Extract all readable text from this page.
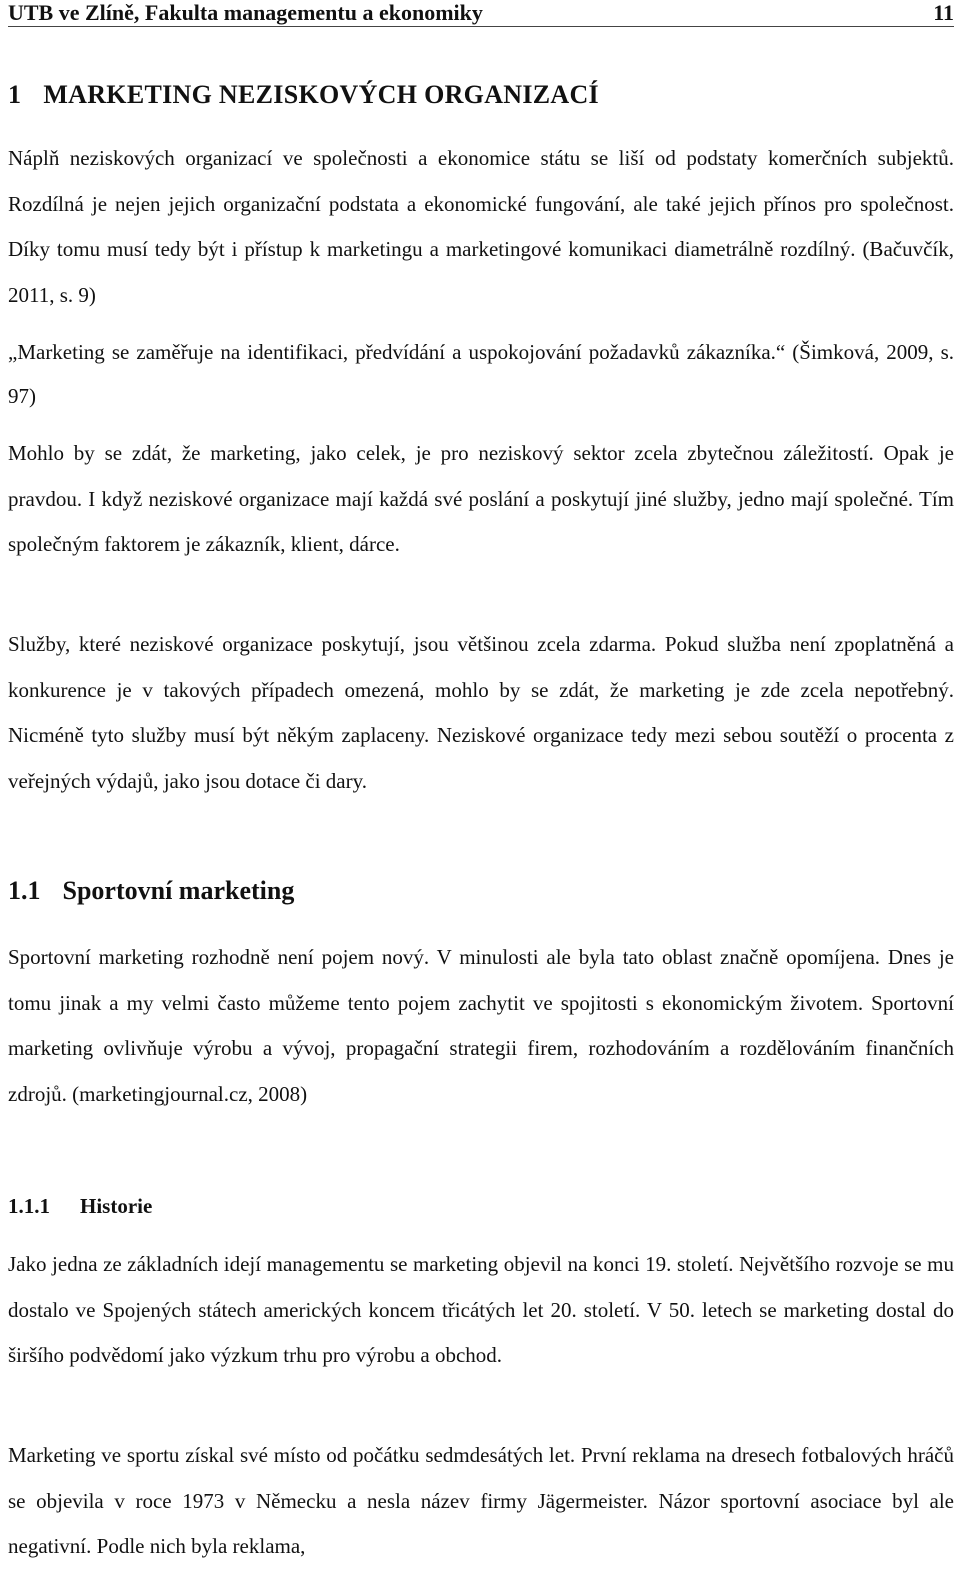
UTB ve Zlíně, Fakulta managementu a ekonomiky	11
1 MARKETING NEZISKOVÝCH ORGANIZACÍ

Náplň neziskových organizací ve společnosti a ekonomice státu se liší od podstaty komerčních subjektů. Rozdílná je nejen jejich organizační podstata a ekonomické fungování, ale také jejich přínos pro společnost. Díky tomu musí tedy být i přístup k marketingu a marketingové komunikaci diametrálně rozdílný. (Bačuvčík, 2011, s. 9)

„Marketing se zaměřuje na identifikaci, předvídání a uspokojování požadavků zákazníka.“ (Šimková, 2009, s. 97)

Mohlo by se zdát, že marketing, jako celek, je pro neziskový sektor zcela zbytečnou záležitostí. Opak je pravdou. I když neziskové organizace mají každá své poslání a poskytují jiné služby, jedno mají společné. Tím společným faktorem je zákazník, klient, dárce.

Služby, které neziskové organizace poskytují, jsou většinou zcela zdarma. Pokud služba není zpoplatněná a konkurence je v takových případech omezená, mohlo by se zdát, že marketing je zde zcela nepotřebný. Nicméně tyto služby musí být někým zaplaceny. Neziskové organizace tedy mezi sebou soutěží o procenta z veřejných výdajů, jako jsou dotace či dary.

1.1 Sportovní marketing

Sportovní marketing rozhodně není pojem nový. V minulosti ale byla tato oblast značně opomíjena. Dnes je tomu jinak a my velmi často můžeme tento pojem zachytit ve spojitosti s ekonomickým životem. Sportovní marketing ovlivňuje výrobu a vývoj, propagační strategii firem, rozhodováním a rozdělováním finančních zdrojů. (marketingjournal.cz, 2008)

1.1.1 Historie

Jako jedna ze základních idejí managementu se marketing objevil na konci 19. století. Největšího rozvoje se mu dostalo ve Spojených státech amerických koncem třicátých let 20. století. V 50. letech se marketing dostal do širšího podvědomí jako výzkum trhu pro výrobu a obchod.

Marketing ve sportu získal své místo od počátku sedmdesátých let. První reklama na dresech fotbalových hráčů se objevila v roce 1973 v Německu a nesla název firmy Jägermeister. Názor sportovní asociace byl ale negativní. Podle nich byla reklama,
